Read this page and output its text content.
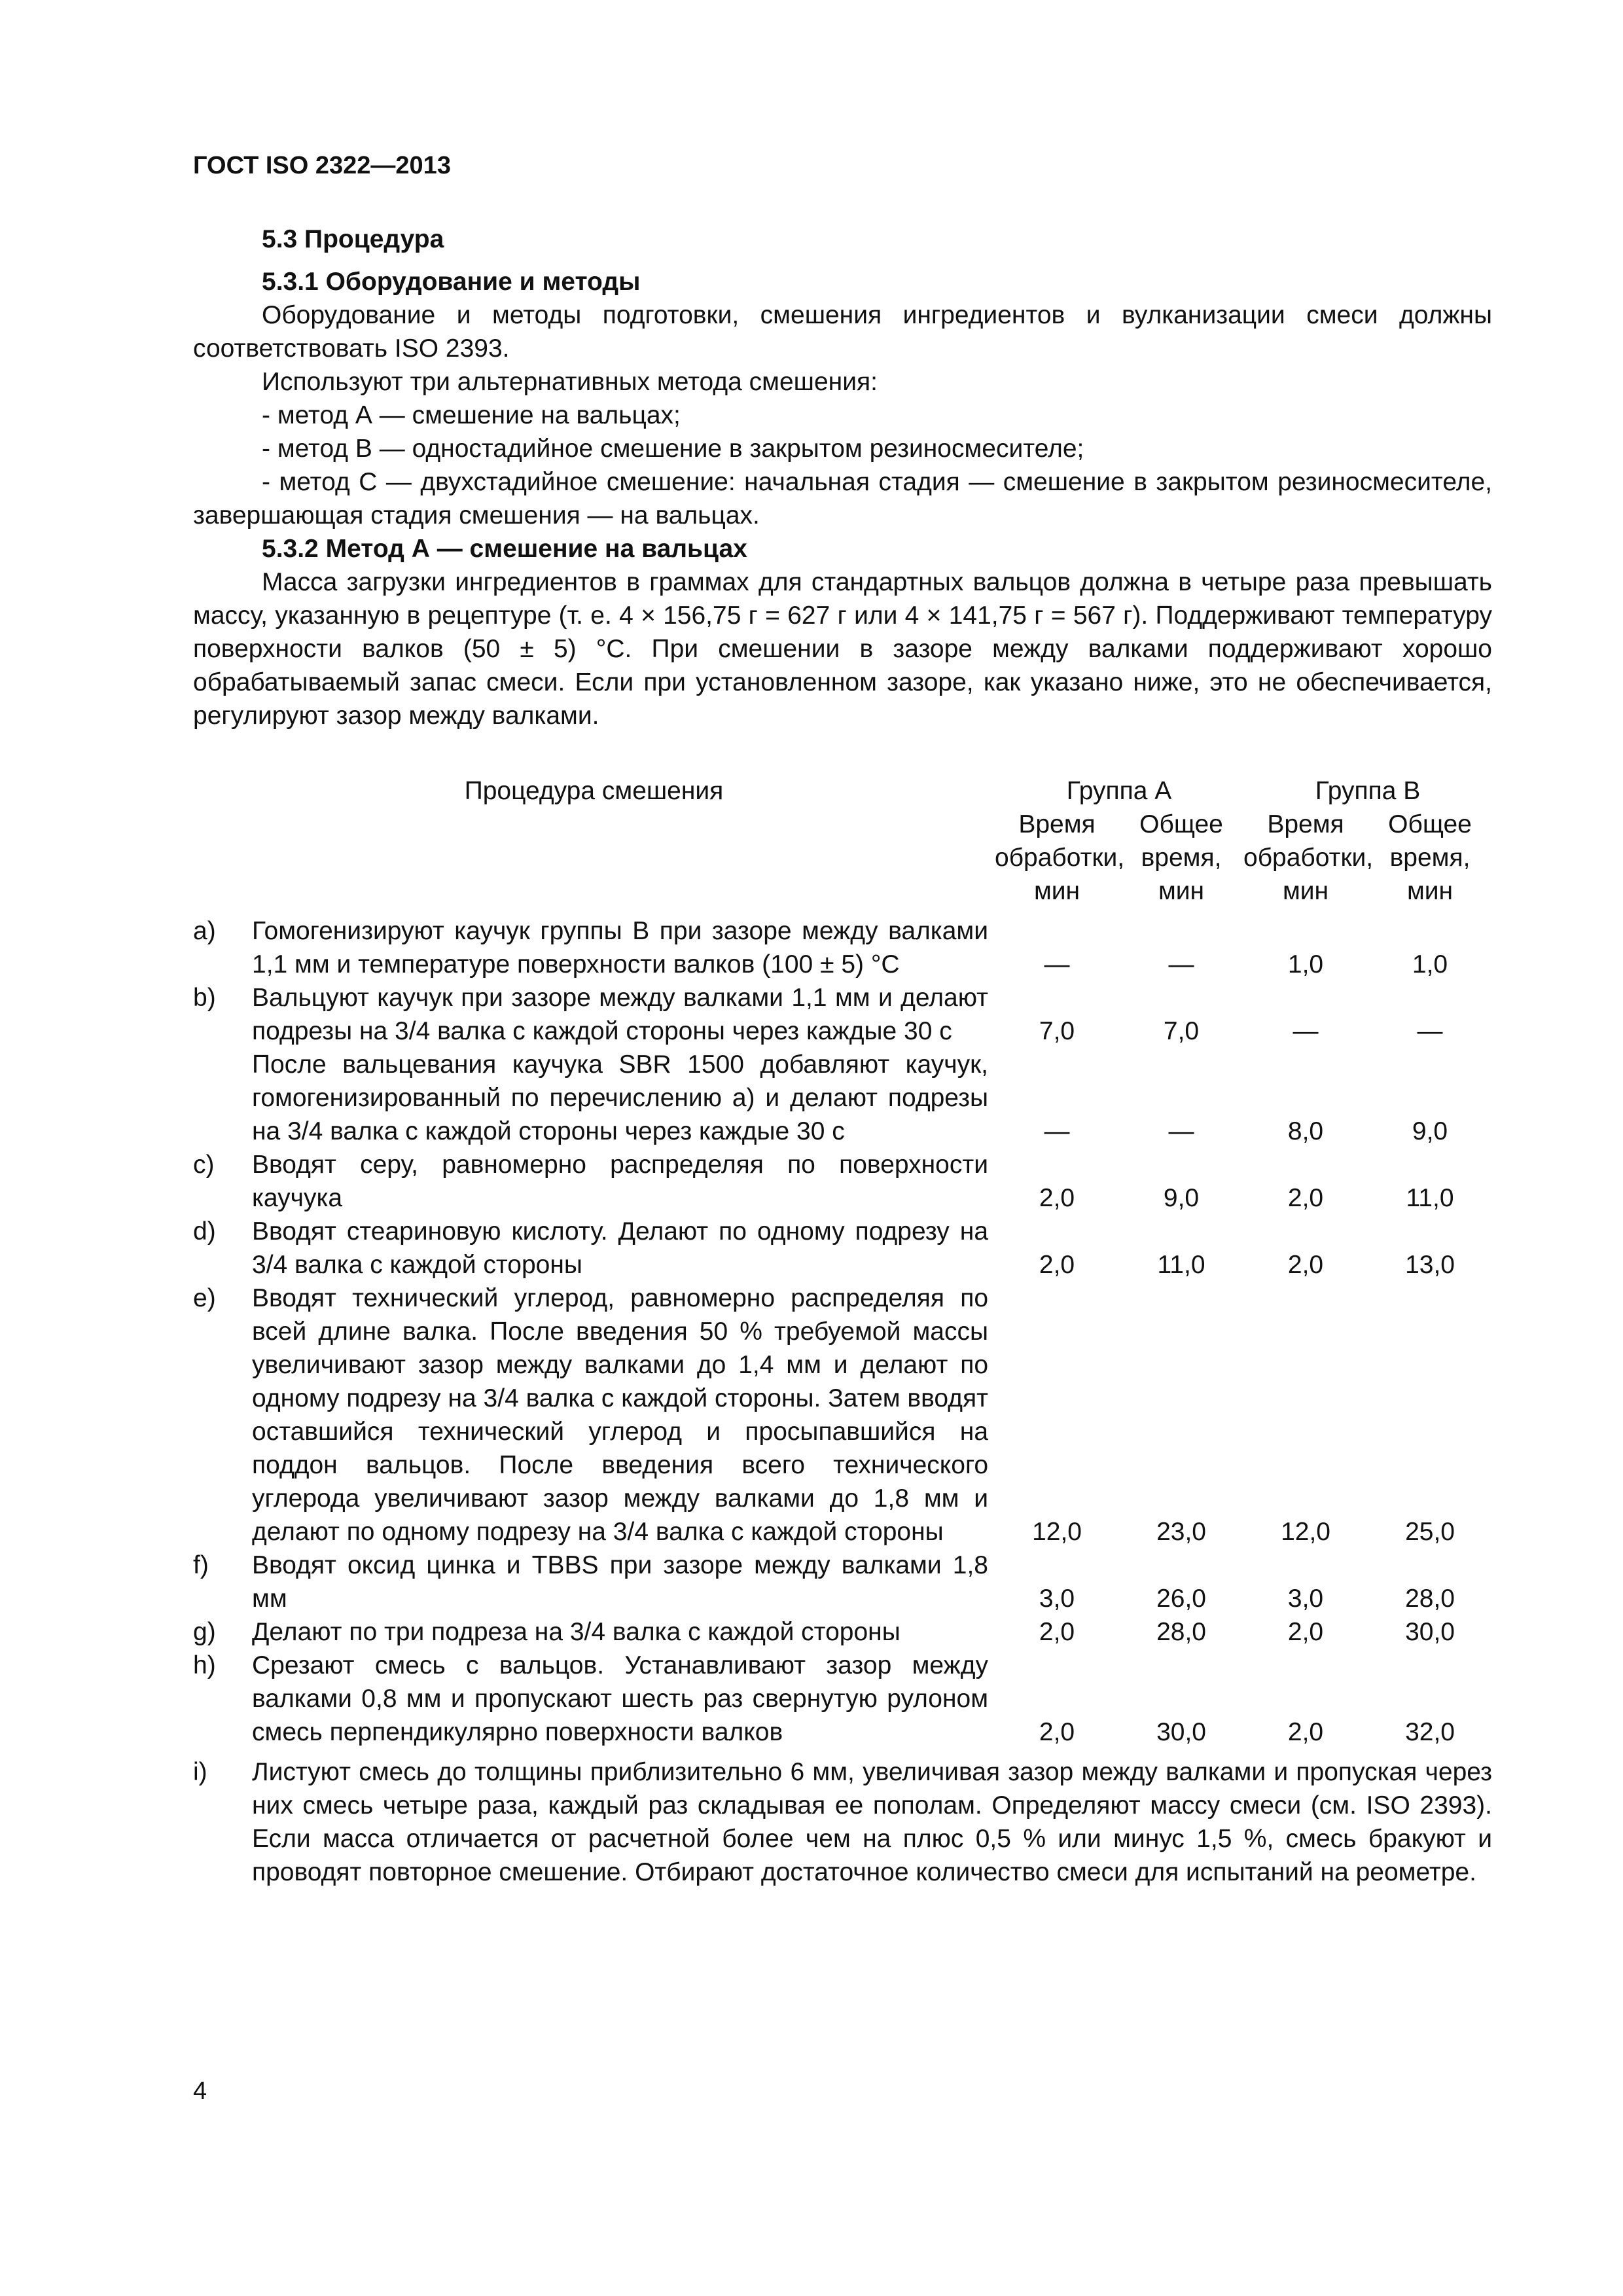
ГОСТ ISO 2322—2013
5.3 Процедура
5.3.1 Оборудование и методы

Оборудование и методы подготовки, смешения ингредиентов и вулканизации смеси должны соответствовать ISO 2393.

Используют три альтернативных метода смешения:

- метод А — смешение на вальцах;

- метод В — одностадийное смешение в закрытом резиносмесителе;

- метод С — двухстадийное смешение: начальная стадия — смешение в закрытом резиносмесителе, завершающая стадия смешения — на вальцах.

5.3.2 Метод А — смешение на вальцах

Масса загрузки ингредиентов в граммах для стандартных вальцов должна в четыре раза превышать массу, указанную в рецептуре (т. е. 4 × 156,75 г = 627 г или 4 × 141,75 г = 567 г). Поддерживают температуру поверхности валков (50 ± 5) °С. При смешении в зазоре между валками поддерживают хорошо обрабатываемый запас смеси. Если при установленном зазоре, как указано ниже, это не обеспечивается, регулируют зазор между валками.

Процедура смешения		Группа А		Группа В	
		Время обработки, мин	Общее время, мин	Время обработки, мин	Общее время, мин
a)	Гомогенизируют каучук группы В при зазоре между валками 1,1 мм и температуре поверхности валков (100 ± 5) °С	—	—	1,0	1,0
b)	Вальцуют каучук при зазоре между валками 1,1 мм и делают подрезы на 3/4 валка с каждой стороны через каждые 30 с	7,0	7,0	—	—
	После вальцевания каучука SBR 1500 добавляют каучук, гомогенизированный по перечислению a) и делают подрезы на 3/4 валка с каждой стороны через каждые 30 с	—	—	8,0	9,0
c)	Вводят серу, равномерно распределяя по поверхности каучука	2,0	9,0	2,0	11,0
d)	Вводят стеариновую кислоту. Делают по одному подрезу на 3/4 валка с каждой стороны	2,0	11,0	2,0	13,0
e)	Вводят технический углерод, равномерно распределяя по всей длине валка. После введения 50 % требуемой массы увеличивают зазор между валками до 1,4 мм и делают по одному подрезу на 3/4 валка с каждой стороны. Затем вводят оставшийся технический углерод и просыпавшийся на поддон вальцов. После введения всего технического углерода увеличивают зазор между валками до 1,8 мм и делают по одному подрезу на 3/4 валка с каждой стороны	12,0	23,0	12,0	25,0
f)	Вводят оксид цинка и TBBS при зазоре между валками 1,8 мм	3,0	26,0	3,0	28,0
g)	Делают по три подреза на 3/4 валка с каждой стороны	2,0	28,0	2,0	30,0
h)	Срезают смесь с вальцов. Устанавливают зазор между валками 0,8 мм и пропускают шесть раз свернутую рулоном смесь перпендикулярно поверхности валков	2,0	30,0	2,0	32,0
i)	Листуют смесь до толщины приблизительно 6 мм, увеличивая зазор между валками и пропуская через них смесь четыре раза, каждый раз складывая ее пополам. Определяют массу смеси (см. ISO 2393). Если масса отличается от расчетной более чем на плюс 0,5 % или минус 1,5 %, смесь бракуют и проводят повторное смешение. Отбирают достаточное количество смеси для испытаний на реометре.
4
